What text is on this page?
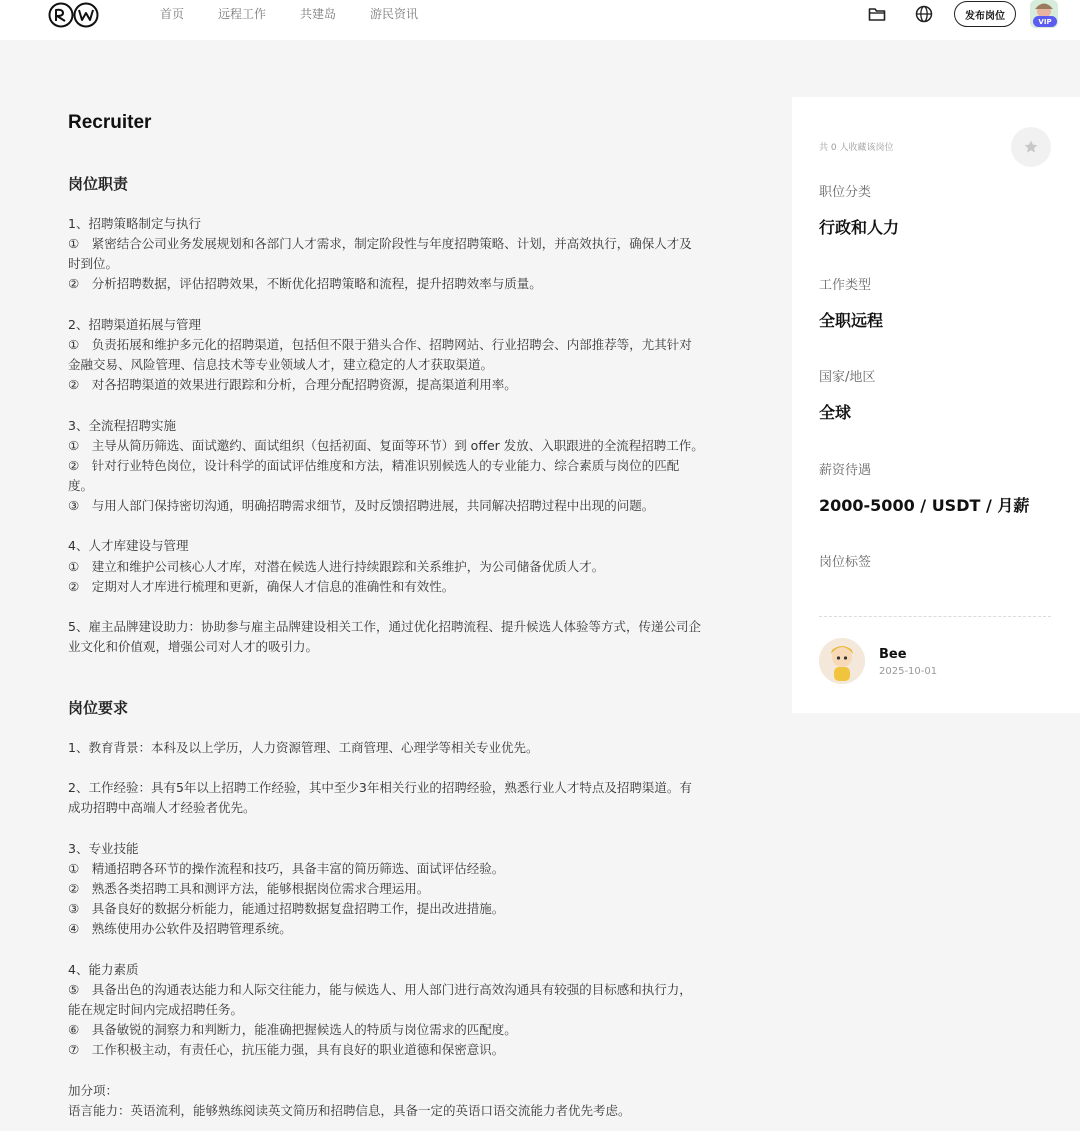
首页	远程工作	共建岛	游民资讯	发布岗位	VIP
Recruiter
岗位职责
1、招聘策略制定与执行
①　紧密结合公司业务发展规划和各部门人才需求，制定阶段性与年度招聘策略、计划，并高效执行，确保人才及
时到位。
②　分析招聘数据，评估招聘效果，不断优化招聘策略和流程，提升招聘效率与质量。
2、招聘渠道拓展与管理
①　负责拓展和维护多元化的招聘渠道，包括但不限于猎头合作、招聘网站、行业招聘会、内部推荐等，尤其针对
金融交易、风险管理、信息技术等专业领域人才，建立稳定的人才获取渠道。
②　对各招聘渠道的效果进行跟踪和分析，合理分配招聘资源，提高渠道利用率。
3、全流程招聘实施
①　主导从简历筛选、面试邀约、面试组织（包括初面、复面等环节）到 offer 发放、入职跟进的全流程招聘工作。
②　针对行业特色岗位，设计科学的面试评估维度和方法，精准识别候选人的专业能力、综合素质与岗位的匹配
度。
③　与用人部门保持密切沟通，明确招聘需求细节，及时反馈招聘进展，共同解决招聘过程中出现的问题。
4、人才库建设与管理
①　建立和维护公司核心人才库，对潜在候选人进行持续跟踪和关系维护，为公司储备优质人才。
②　定期对人才库进行梳理和更新，确保人才信息的准确性和有效性。
5、雇主品牌建设助力：协助参与雇主品牌建设相关工作，通过优化招聘流程、提升候选人体验等方式，传递公司企
业文化和价值观，增强公司对人才的吸引力。
岗位要求
1、教育背景：本科及以上学历，人力资源管理、工商管理、心理学等相关专业优先。
2、工作经验：具有5年以上招聘工作经验，其中至少3年相关行业的招聘经验，熟悉行业人才特点及招聘渠道。有
成功招聘中高端人才经验者优先。
3、专业技能
①　精通招聘各环节的操作流程和技巧，具备丰富的简历筛选、面试评估经验。
②　熟悉各类招聘工具和测评方法，能够根据岗位需求合理运用。
③　具备良好的数据分析能力，能通过招聘数据复盘招聘工作，提出改进措施。
④　熟练使用办公软件及招聘管理系统。
4、能力素质
⑤　具备出色的沟通表达能力和人际交往能力，能与候选人、用人部门进行高效沟通具有较强的目标感和执行力，
能在规定时间内完成招聘任务。
⑥　具备敏锐的洞察力和判断力，能准确把握候选人的特质与岗位需求的匹配度。
⑦　工作积极主动，有责任心，抗压能力强，具有良好的职业道德和保密意识。
加分项：
语言能力：英语流利，能够熟练阅读英文简历和招聘信息，具备一定的英语口语交流能力者优先考虑。
共 0 人收藏该岗位
职位分类
行政和人力
工作类型
全职远程
国家/地区
全球
薪资待遇
2000-5000 / USDT / 月薪
岗位标签
Bee
2025-10-01
